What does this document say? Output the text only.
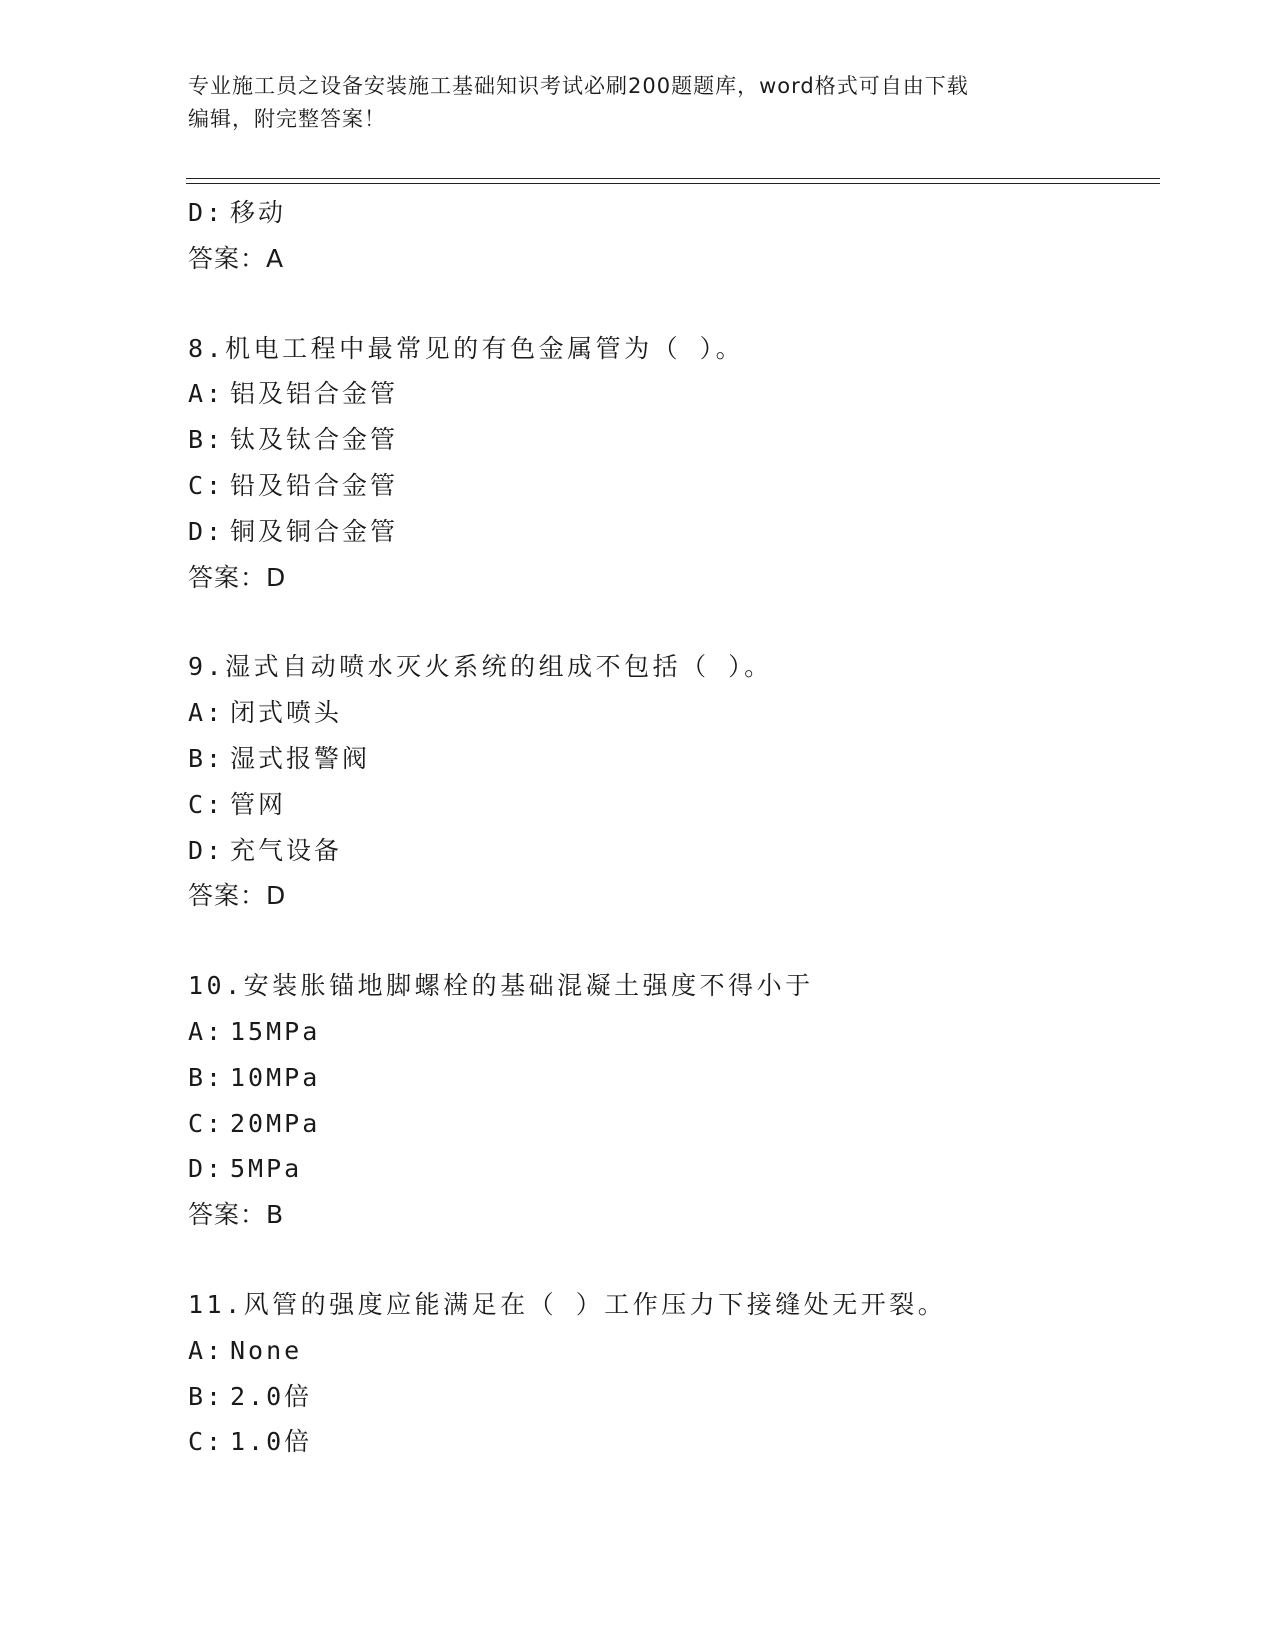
专业施工员之设备安装施工基础知识考试必刷200题题库，word格式可自由下载
编辑，附完整答案！
D: 移动
答案：A
8.机电工程中最常见的有色金属管为（ ）。
A: 铝及铝合金管
B: 钛及钛合金管
C: 铅及铅合金管
D: 铜及铜合金管
答案：D
9.湿式自动喷水灭火系统的组成不包括（ ）。
A: 闭式喷头
B: 湿式报警阀
C: 管网
D: 充气设备
答案：D
10.安装胀锚地脚螺栓的基础混凝土强度不得小于
A: 15MPa
B: 10MPa
C: 20MPa
D: 5MPa
答案：B
11.风管的强度应能满足在（ ）工作压力下接缝处无开裂。
A: None
B: 2.0倍
C: 1.0倍
